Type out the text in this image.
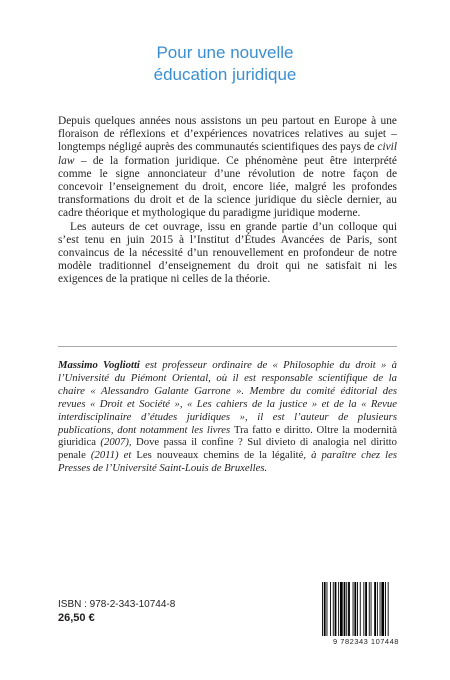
Pour une nouvelle
éducation juridique

Depuis quelques années nous assistons un peu partout en Europe à une floraison de réflexions et d’expériences novatrices relatives au sujet – longtemps négligé auprès des communautés scientifiques des pays de civil law – de la formation juridique. Ce phénomène peut être interprété comme le signe annonciateur d’une révolution de notre façon de concevoir l’enseignement du droit, encore liée, malgré les profondes transformations du droit et de la science juridique du siècle dernier, au cadre théorique et mythologique du paradigme juridique moderne.

Les auteurs de cet ouvrage, issu en grande partie d’un colloque qui s’est tenu en juin 2015 à l’Institut d’Études Avancées de Paris, sont convaincus de la nécessité d’un renouvellement en profondeur de notre modèle traditionnel d’enseignement du droit qui ne satisfait ni les exigences de la pratique ni celles de la théorie.

Massimo Vogliotti est professeur ordinaire de « Philosophie du droit » à l’Université du Piémont Oriental, où il est responsable scientifique de la chaire « Alessandro Galante Garrone ». Membre du comité éditorial des revues « Droit et Société », « Les cahiers de la justice » et de la « Revue interdisciplinaire d’études juridiques », il est l’auteur de plusieurs publications, dont notamment les livres Tra fatto e diritto. Oltre la modernità giuridica (2007), Dove passa il confine ? Sul divieto di analogia nel diritto penale (2011) et Les nouveaux chemins de la légalité, à paraître chez les Presses de l’Université Saint-Louis de Bruxelles.
ISBN : 978-2-343-10744-8
26,50 €
9 782343 107448
